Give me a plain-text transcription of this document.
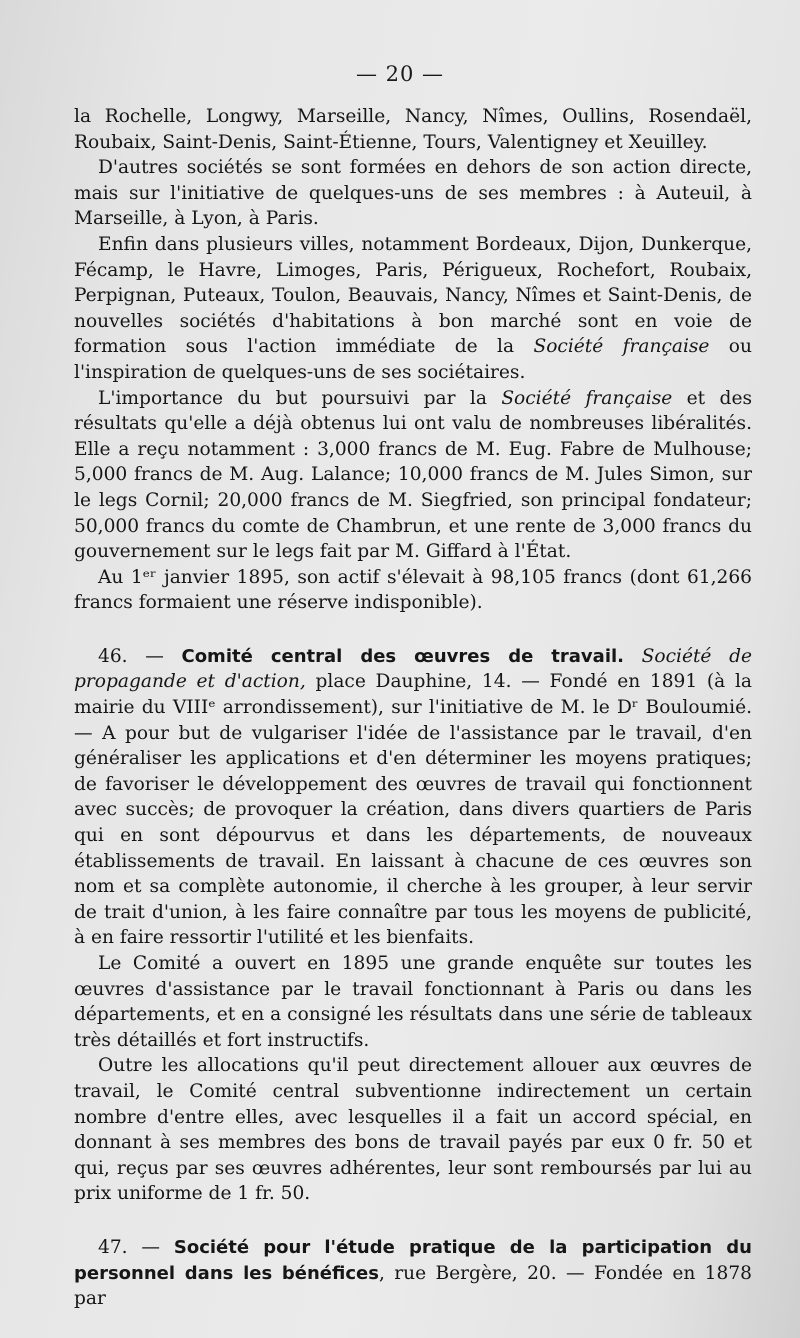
— 20 —

la Rochelle, Longwy, Marseille, Nancy, Nîmes, Oullins, Rosendaël, Roubaix, Saint-Denis, Saint-Étienne, Tours, Valentigney et Xeuilley.

D'autres sociétés se sont formées en dehors de son action directe, mais sur l'initiative de quelques-uns de ses membres : à Auteuil, à Marseille, à Lyon, à Paris.

Enfin dans plusieurs villes, notamment Bordeaux, Dijon, Dunkerque, Fécamp, le Havre, Limoges, Paris, Périgueux, Rochefort, Roubaix, Perpignan, Puteaux, Toulon, Beauvais, Nancy, Nîmes et Saint-Denis, de nouvelles sociétés d'habitations à bon marché sont en voie de formation sous l'action immédiate de la Société française ou l'inspiration de quelques-uns de ses sociétaires.

L'importance du but poursuivi par la Société française et des résultats qu'elle a déjà obtenus lui ont valu de nombreuses libéralités. Elle a reçu notamment : 3,000 francs de M. Eug. Fabre de Mulhouse; 5,000 francs de M. Aug. Lalance; 10,000 francs de M. Jules Simon, sur le legs Cornil; 20,000 francs de M. Siegfried, son principal fondateur; 50,000 francs du comte de Chambrun, et une rente de 3,000 francs du gouvernement sur le legs fait par M. Giffard à l'État.

Au 1ᵉʳ janvier 1895, son actif s'élevait à 98,105 francs (dont 61,266 francs formaient une réserve indisponible).

46. — Comité central des œuvres de travail. Société de propagande et d'action, place Dauphine, 14. — Fondé en 1891 (à la mairie du VIIIᵉ arrondissement), sur l'initiative de M. le Dʳ Bouloumié. — A pour but de vulgariser l'idée de l'assistance par le travail, d'en généraliser les applications et d'en déterminer les moyens pratiques; de favoriser le développement des œuvres de travail qui fonctionnent avec succès; de provoquer la création, dans divers quartiers de Paris qui en sont dépourvus et dans les départements, de nouveaux établissements de travail. En laissant à chacune de ces œuvres son nom et sa complète autonomie, il cherche à les grouper, à leur servir de trait d'union, à les faire connaître par tous les moyens de publicité, à en faire ressortir l'utilité et les bienfaits.

Le Comité a ouvert en 1895 une grande enquête sur toutes les œuvres d'assistance par le travail fonctionnant à Paris ou dans les départements, et en a consigné les résultats dans une série de tableaux très détaillés et fort instructifs.

Outre les allocations qu'il peut directement allouer aux œuvres de travail, le Comité central subventionne indirectement un certain nombre d'entre elles, avec lesquelles il a fait un accord spécial, en donnant à ses membres des bons de travail payés par eux 0 fr. 50 et qui, reçus par ses œuvres adhérentes, leur sont remboursés par lui au prix uniforme de 1 fr. 50.

47. — Société pour l'étude pratique de la participation du personnel dans les bénéfices, rue Bergère, 20. — Fondée en 1878 par
